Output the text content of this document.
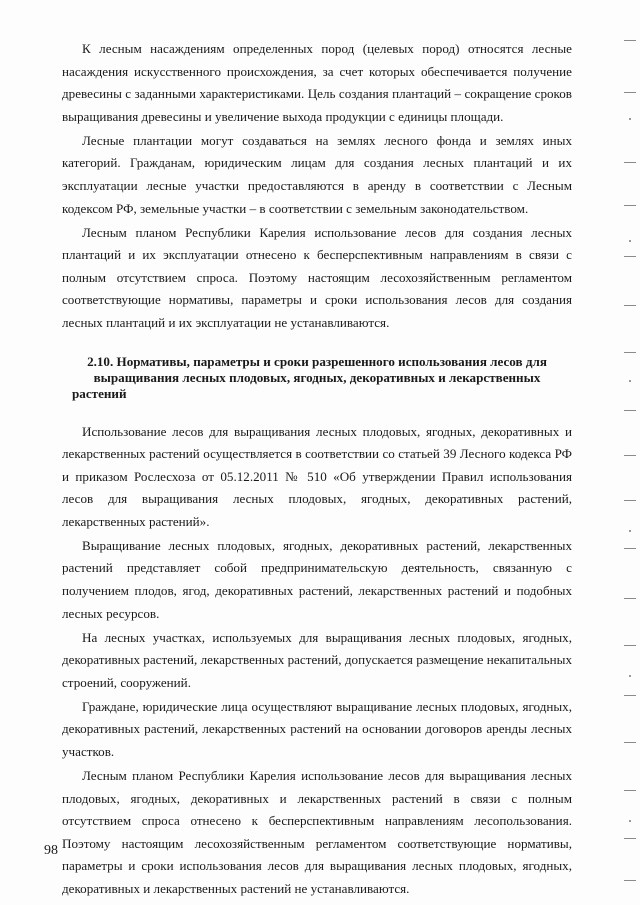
К лесным насаждениям определенных пород (целевых пород) относятся лесные насаждения искусственного происхождения, за счет которых обеспечивается получение древесины с заданными характеристиками. Цель создания плантаций – сокращение сроков выращивания древесины и увеличение выхода продукции с единицы площади.

Лесные плантации могут создаваться на землях лесного фонда и землях иных категорий. Гражданам, юридическим лицам для создания лесных плантаций и их эксплуатации лесные участки предоставляются в аренду в соответствии с Лесным кодексом РФ, земельные участки – в соответствии с земельным законодательством.

Лесным планом Республики Карелия использование лесов для создания лесных плантаций и их эксплуатации отнесено к бесперспективным направлениям в связи с полным отсутствием спроса. Поэтому настоящим лесохозяйственным регламентом соответствующие нормативы, параметры и сроки использования лесов для создания лесных плантаций и их эксплуатации не устанавливаются.

2.10. Нормативы, параметры и сроки разрешенного использования лесов для выращивания лесных плодовых, ягодных, декоративных и лекарственных растений

Использование лесов для выращивания лесных плодовых, ягодных, декоративных и лекарственных растений осуществляется в соответствии со статьей 39 Лесного кодекса РФ и приказом Рослесхоза от 05.12.2011 № 510 «Об утверждении Правил использования лесов для выращивания лесных плодовых, ягодных, декоративных растений, лекарственных растений».

Выращивание лесных плодовых, ягодных, декоративных растений, лекарственных растений представляет собой предпринимательскую деятельность, связанную с получением плодов, ягод, декоративных растений, лекарственных растений и подобных лесных ресурсов.

На лесных участках, используемых для выращивания лесных плодовых, ягодных, декоративных растений, лекарственных растений, допускается размещение некапитальных строений, сооружений.

Граждане, юридические лица осуществляют выращивание лесных плодовых, ягодных, декоративных растений, лекарственных растений на основании договоров аренды лесных участков.

Лесным планом Республики Карелия использование лесов для выращивания лесных плодовых, ягодных, декоративных и лекарственных растений в связи с полным отсутствием спроса отнесено к бесперспективным направлениям лесопользования. Поэтому настоящим лесохозяйственным регламентом соответствующие нормативы, параметры и сроки использования лесов для выращивания лесных плодовых, ягодных, декоративных и лекарственных растений не устанавливаются.

98
